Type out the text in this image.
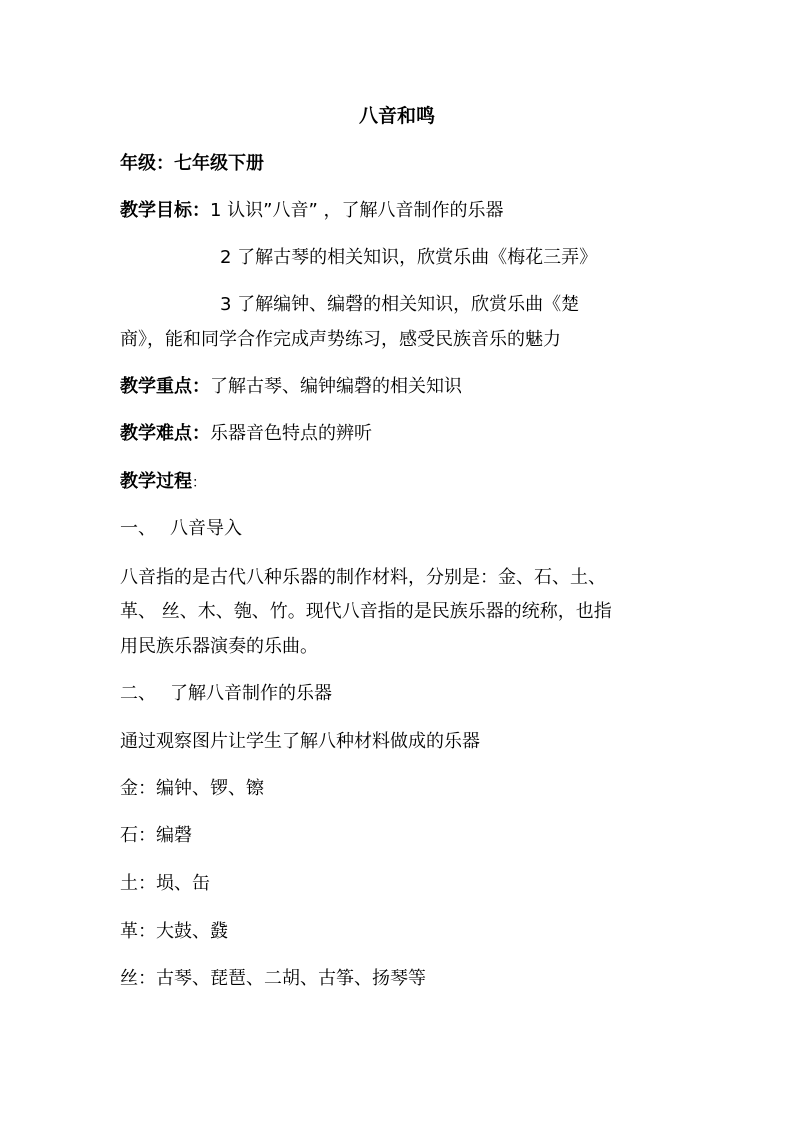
八音和鸣
年级：七年级下册
教学目标：1 认识”八音” ，了解八音制作的乐器
2 了解古琴的相关知识，欣赏乐曲《梅花三弄》
3 了解编钟、编磬的相关知识，欣赏乐曲《楚
商》，能和同学合作完成声势练习，感受民族音乐的魅力
教学重点：了解古琴、编钟编磬的相关知识
教学难点：乐器音色特点的辨听
教学过程：
一、 八音导入
八音指的是古代八种乐器的制作材料，分别是：金、石、土、
革、 丝、木、匏、竹。现代八音指的是民族乐器的统称，也指
用民族乐器演奏的乐曲。
二、 了解八音制作的乐器
通过观察图片让学生了解八种材料做成的乐器
金：编钟、锣、镲
石：编磬
土：埙、缶
革：大鼓、鼗
丝：古琴、琵琶、二胡、古筝、扬琴等
